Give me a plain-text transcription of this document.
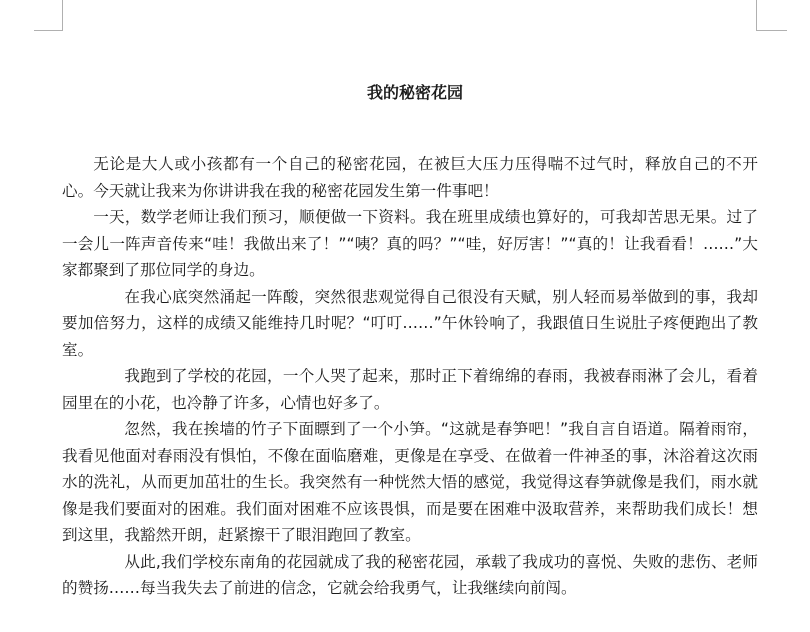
我的秘密花园

无论是大人或小孩都有一个自己的秘密花园，在被巨大压力压得喘不过气时，释放自己的不开心。今天就让我来为你讲讲我在我的秘密花园发生第一件事吧！

一天，数学老师让我们预习，顺便做一下资料。我在班里成绩也算好的，可我却苦思无果。过了一会儿一阵声音传来“哇！我做出来了！”“咦？真的吗？”“哇，好厉害！”“真的！让我看看！……”大家都聚到了那位同学的身边。

在我心底突然涌起一阵酸，突然很悲观觉得自己很没有天赋，别人轻而易举做到的事，我却要加倍努力，这样的成绩又能维持几时呢？“叮叮……”午休铃响了，我跟值日生说肚子疼便跑出了教室。

我跑到了学校的花园，一个人哭了起来，那时正下着绵绵的春雨，我被春雨淋了会儿，看着园里在的小花，也冷静了许多，心情也好多了。

忽然，我在挨墙的竹子下面瞟到了一个小笋。“这就是春笋吧！”我自言自语道。隔着雨帘，我看见他面对春雨没有惧怕，不像在面临磨难，更像是在享受、在做着一件神圣的事，沐浴着这次雨水的洗礼，从而更加茁壮的生长。我突然有一种恍然大悟的感觉，我觉得这春笋就像是我们，雨水就像是我们要面对的困难。我们面对困难不应该畏惧，而是要在困难中汲取营养，来帮助我们成长！想到这里，我豁然开朗，赶紧擦干了眼泪跑回了教室。

从此,我们学校东南角的花园就成了我的秘密花园，承载了我成功的喜悦、失败的悲伤、老师的赞扬……每当我失去了前进的信念，它就会给我勇气，让我继续向前闯。
